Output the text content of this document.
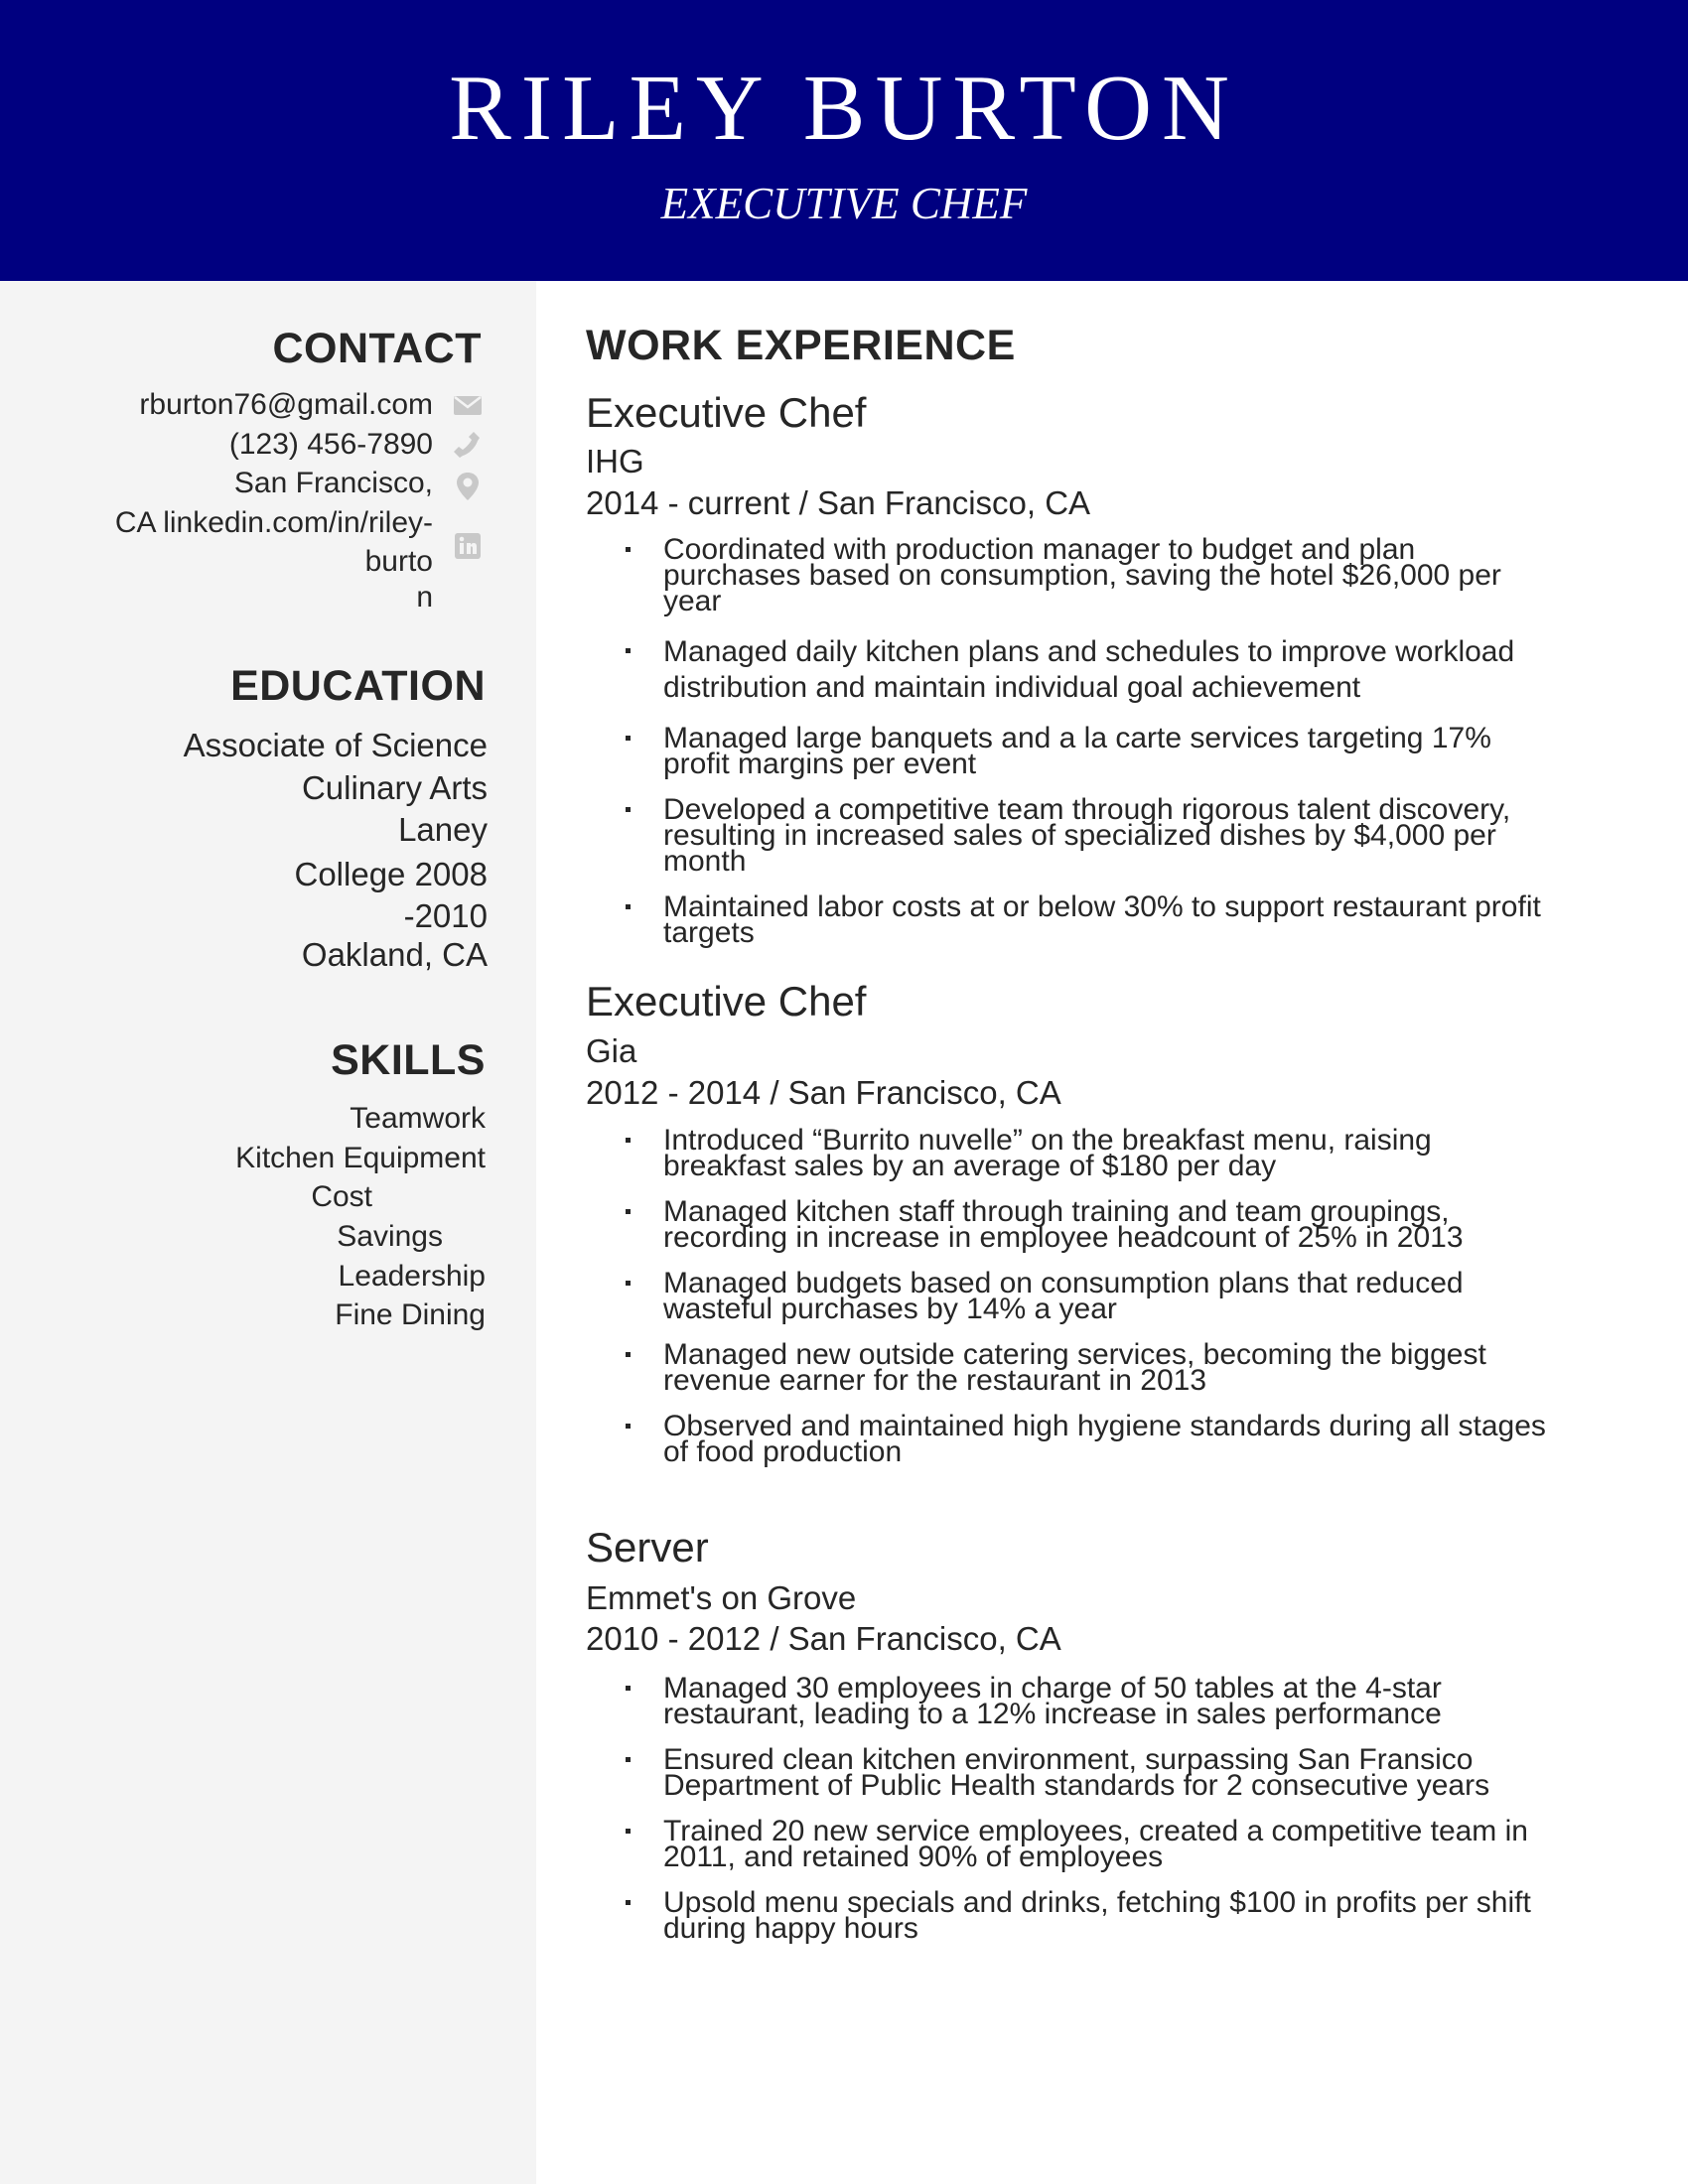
RILEY BURTON
EXECUTIVE CHEF
CONTACT
rburton76@gmail.com
(123) 456-7890
San Francisco,
CA linkedin.com/in/riley-
burto
n
EDUCATION
Associate of Science
Culinary Arts
Laney
College 2008
-2010
Oakland, CA
SKILLS
Teamwork
Kitchen Equipment
Cost
Savings
Leadership
Fine Dining
WORK EXPERIENCE
Executive Chef
IHG
2014 - current / San Francisco, CA
Coordinated with production manager to budget and plan purchases based on consumption, saving the hotel $26,000 per year
Managed daily kitchen plans and schedules to improve workload distribution and maintain individual goal achievement
Managed large banquets and a la carte services targeting 17% profit margins per event
Developed a competitive team through rigorous talent discovery, resulting in increased sales of specialized dishes by $4,000 per month
Maintained labor costs at or below 30% to support restaurant profit targets
Executive Chef
Gia
2012 - 2014 / San Francisco, CA
Introduced “Burrito nuvelle” on the breakfast menu, raising breakfast sales by an average of $180 per day
Managed kitchen staff through training and team groupings, recording in increase in employee headcount of 25% in 2013
Managed budgets based on consumption plans that reduced wasteful purchases by 14% a year
Managed new outside catering services, becoming the biggest revenue earner for the restaurant in 2013
Observed and maintained high hygiene standards during all stages of food production
Server
Emmet's on Grove
2010 - 2012 / San Francisco, CA
Managed 30 employees in charge of 50 tables at the 4-star restaurant, leading to a 12% increase in sales performance
Ensured clean kitchen environment, surpassing San Fransico Department of Public Health standards for 2 consecutive years
Trained 20 new service employees, created a competitive team in 2011, and retained 90% of employees
Upsold menu specials and drinks, fetching $100 in profits per shift during happy hours
